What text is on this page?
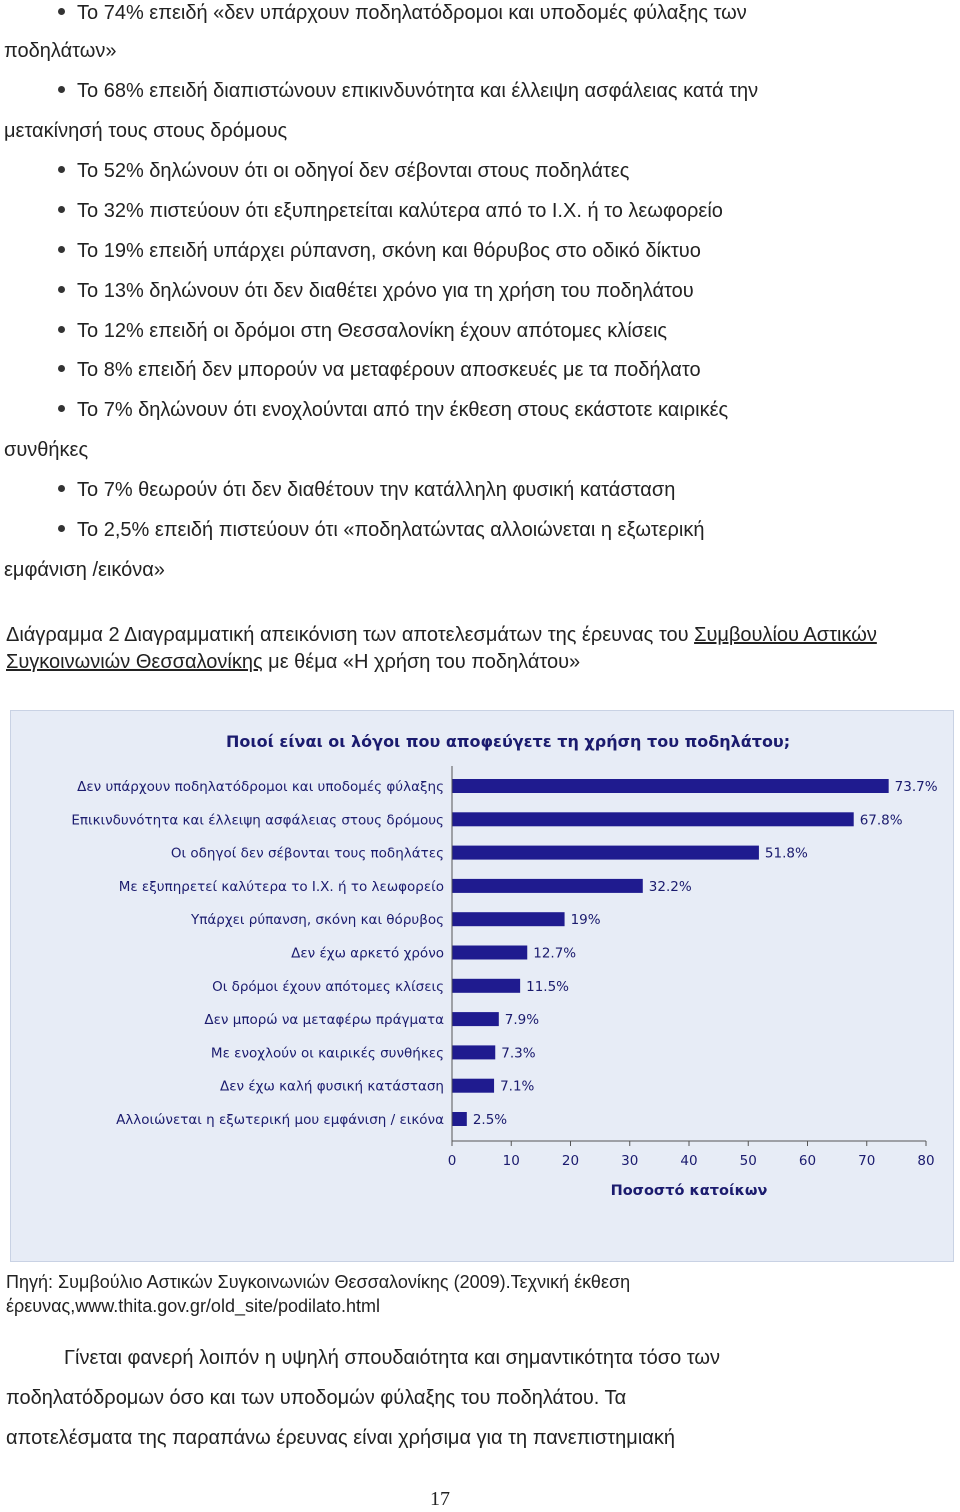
Το 74% επειδή «δεν υπάρχουν ποδηλατόδρομοι και υποδομές φύλαξης των
ποδηλάτων»
Το 68% επειδή διαπιστώνουν επικινδυνότητα και έλλειψη ασφάλειας κατά την
μετακίνησή τους στους δρόμους
Το 52% δηλώνουν ότι οι οδηγοί δεν σέβονται στους ποδηλάτες
Το 32% πιστεύουν ότι εξυπηρετείται καλύτερα από το Ι.Χ. ή το λεωφορείο
Το 19% επειδή υπάρχει ρύπανση, σκόνη και θόρυβος στο οδικό δίκτυο
Το 13% δηλώνουν ότι δεν διαθέτει χρόνο για τη χρήση του ποδηλάτου
Το 12% επειδή οι δρόμοι στη Θεσσαλονίκη έχουν απότομες κλίσεις
Το 8% επειδή δεν μπορούν να μεταφέρουν αποσκευές με τα ποδήλατο
Το 7% δηλώνουν ότι ενοχλούνται από την έκθεση στους εκάστοτε καιρικές
συνθήκες
Το 7% θεωρούν ότι δεν διαθέτουν την κατάλληλη φυσική κατάσταση
Το 2,5% επειδή πιστεύουν ότι «ποδηλατώντας αλλοιώνεται η εξωτερική
εμφάνιση /εικόνα»
Διάγραμμα 2 Διαγραμματική απεικόνιση των αποτελεσμάτων της έρευνας του Συμβουλίου Αστικών Συγκοινωνιών Θεσσαλονίκης με θέμα «Η χρήση του ποδηλάτου»
Ποιοί είναι οι λόγοι που αποφεύγετε τη χρήση του ποδηλάτου;
Δεν υπάρχουν ποδηλατόδρομοι και υποδομές φύλαξης	73.7%
Επικινδυνότητα και έλλειψη ασφάλειας στους δρόμους	67.8%
Οι οδηγοί δεν σέβονται τους ποδηλάτες	51.8%
Με εξυπηρετεί καλύτερα το Ι.Χ. ή το λεωφορείο	32.2%
Υπάρχει ρύπανση, σκόνη και θόρυβος	19%
Δεν έχω αρκετό χρόνο	12.7%
Οι δρόμοι έχουν απότομες κλίσεις	11.5%
Δεν μπορώ να μεταφέρω πράγματα	7.9%
Με ενοχλούν οι καιρικές συνθήκες	7.3%
Δεν έχω καλή φυσική κατάσταση	7.1%
Αλλοιώνεται η εξωτερική μου εμφάνιση / εικόνα 2.5%
0	10	20	30	40	50	60	70	80
Ποσοστό κατοίκων
Πηγή: Συμβούλιο Αστικών Συγκοινωνιών Θεσσαλονίκης (2009).Τεχνική έκθεση έρευνας,www.thita.gov.gr/old_site/podilato.html
Γίνεται φανερή λοιπόν η υψηλή σπουδαιότητα και σημαντικότητα τόσο των
ποδηλατόδρομων όσο και των υποδομών φύλαξης του ποδηλάτου. Τα
αποτελέσματα της παραπάνω έρευνας είναι χρήσιμα για τη πανεπιστημιακή
17
